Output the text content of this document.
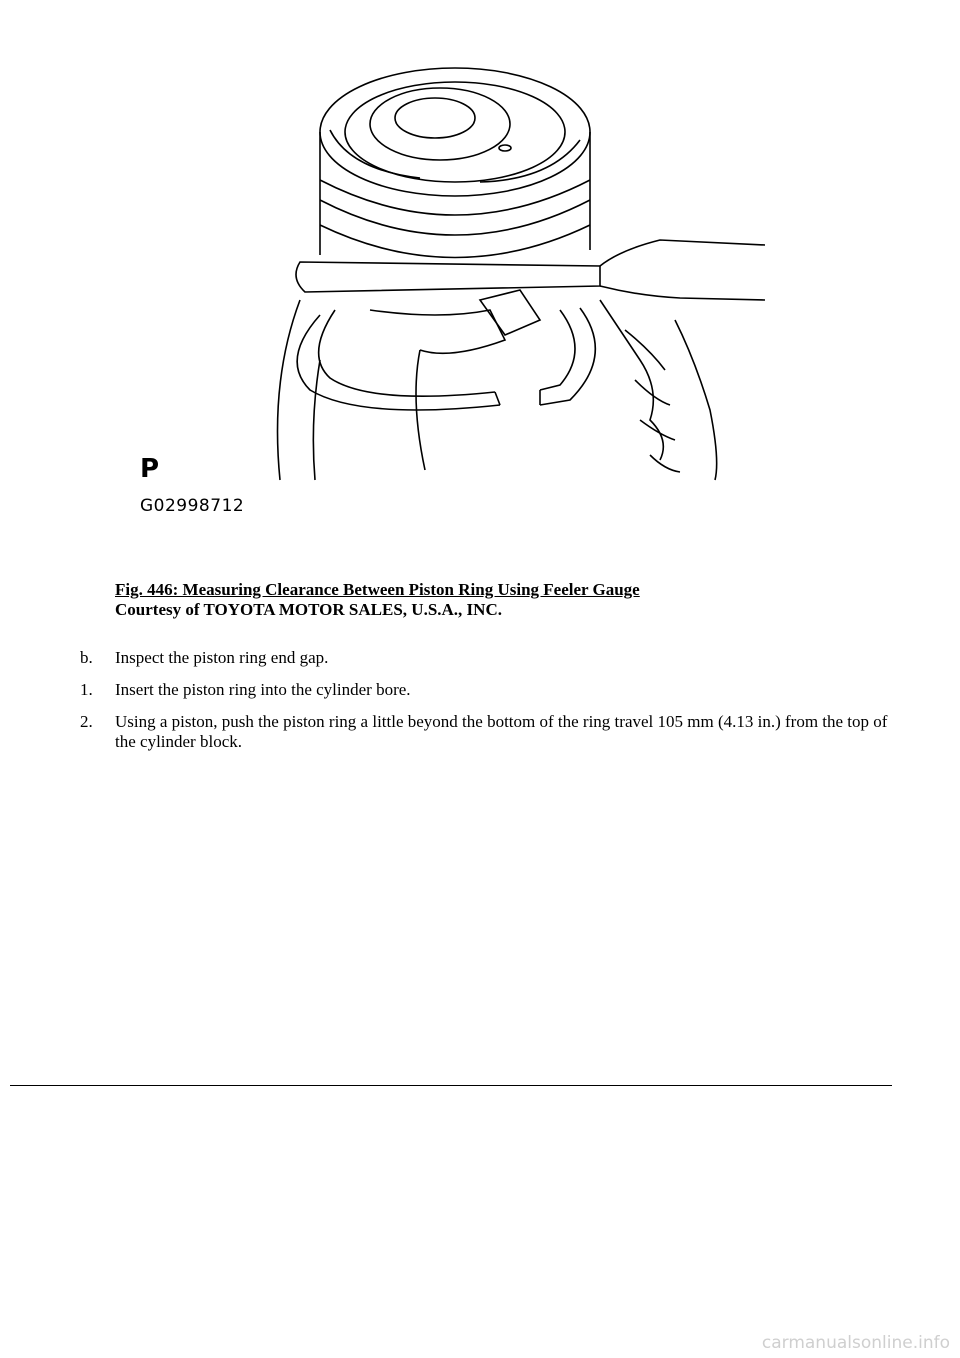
P
G02998712
Fig. 446: Measuring Clearance Between Piston Ring Using Feeler Gauge
Courtesy of TOYOTA MOTOR SALES, U.S.A., INC.
b.	Inspect the piston ring end gap.
1.	Insert the piston ring into the cylinder bore.
2.	Using a piston, push the piston ring a little beyond the bottom of the ring travel 105 mm (4.13 in.) from the top of the cylinder block.
carmanualsonline.info
